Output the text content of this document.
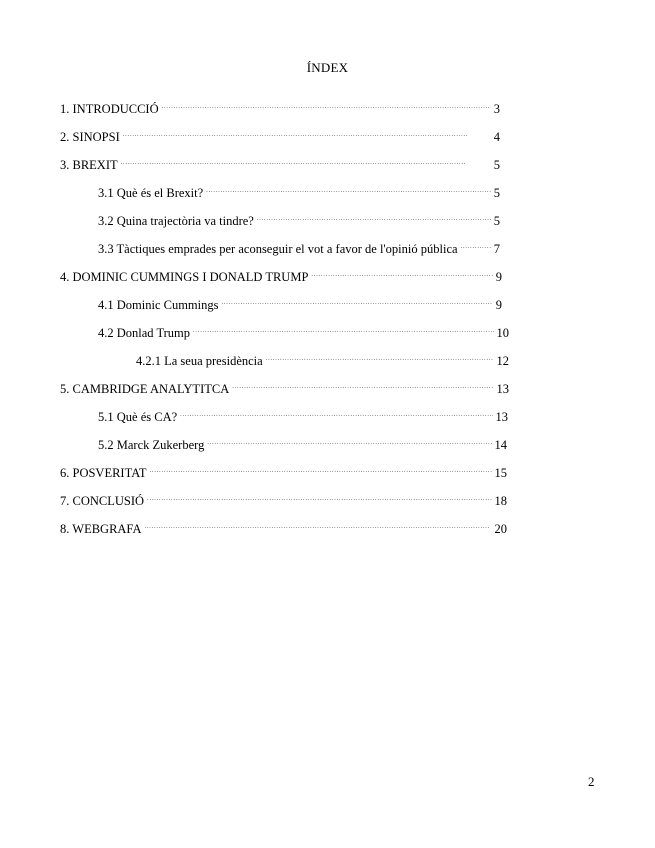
ÍNDEX
1. INTRODUCCIÓ . . .	3
2. SINOPSI . . .	4
3. BREXIT . . .	5
3.1 Què és el Brexit? . . .	5
3.2 Quina trajectòria va tindre? . . .	5
3.3 Tàctiques emprades per aconseguir el vot a favor de l'opinió pública . . .	7
4. DOMINIC CUMMINGS I DONALD TRUMP . . .	9
4.1 Dominic Cummings . . .	9
4.2 Donlad Trump . . .	10
4.2.1 La seua presidència . . .	12
5. CAMBRIDGE ANALYTITCA . . .	13
5.1 Què és CA? . . .	13
5.2 Marck Zukerberg . . .	14
6. POSVERITAT . . .	15
7. CONCLUSIÓ . . .	18
8. WEBGRAFA . . .	20
2
